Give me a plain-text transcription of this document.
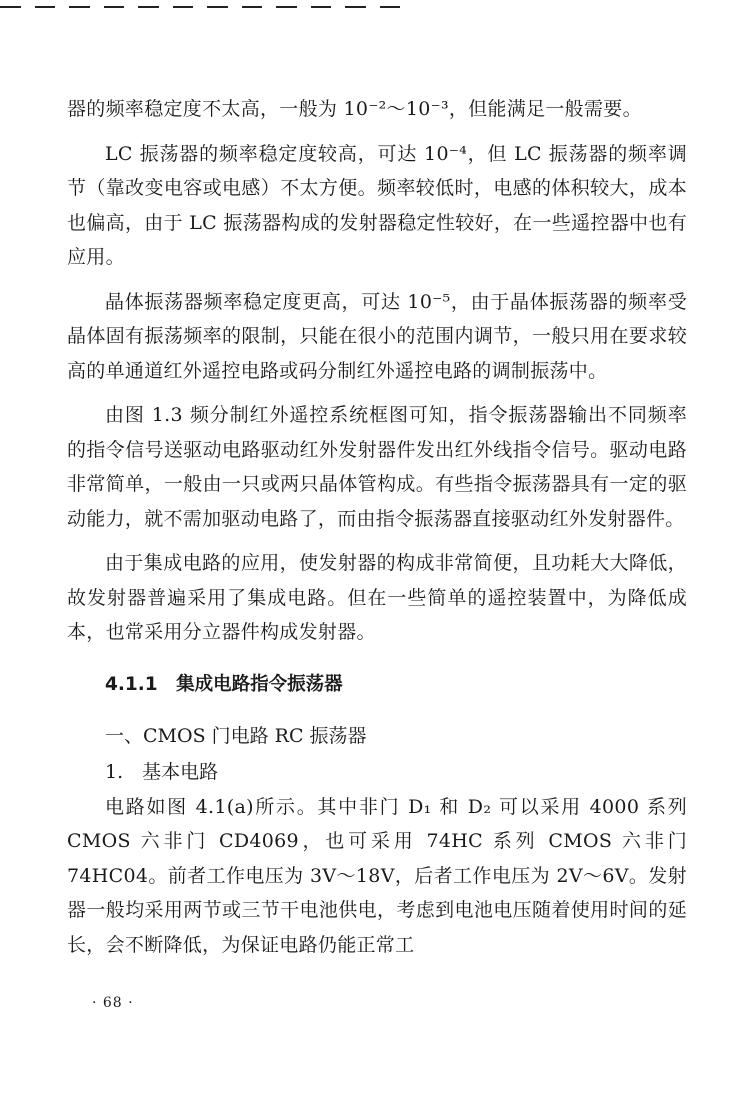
器的频率稳定度不太高，一般为 10⁻²～10⁻³，但能满足一般需要。

LC 振荡器的频率稳定度较高，可达 10⁻⁴，但 LC 振荡器的频率调节（靠改变电容或电感）不太方便。频率较低时，电感的体积较大，成本也偏高，由于 LC 振荡器构成的发射器稳定性较好，在一些遥控器中也有应用。

晶体振荡器频率稳定度更高，可达 10⁻⁵，由于晶体振荡器的频率受晶体固有振荡频率的限制，只能在很小的范围内调节，一般只用在要求较高的单通道红外遥控电路或码分制红外遥控电路的调制振荡中。

由图 1.3 频分制红外遥控系统框图可知，指令振荡器输出不同频率的指令信号送驱动电路驱动红外发射器件发出红外线指令信号。驱动电路非常简单，一般由一只或两只晶体管构成。有些指令振荡器具有一定的驱动能力，就不需加驱动电路了，而由指令振荡器直接驱动红外发射器件。

由于集成电路的应用，使发射器的构成非常简便，且功耗大大降低，故发射器普遍采用了集成电路。但在一些简单的遥控装置中，为降低成本，也常采用分立器件构成发射器。

4.1.1　集成电路指令振荡器
一、CMOS 门电路 RC 振荡器
1.　基本电路

电路如图 4.1(a)所示。其中非门 D₁ 和 D₂ 可以采用 4000 系列 CMOS 六非门 CD4069，也可采用 74HC 系列 CMOS 六非门 74HC04。前者工作电压为 3V～18V，后者工作电压为 2V～6V。发射器一般均采用两节或三节干电池供电，考虑到电池电压随着使用时间的延长，会不断降低，为保证电路仍能正常工

· 68 ·
